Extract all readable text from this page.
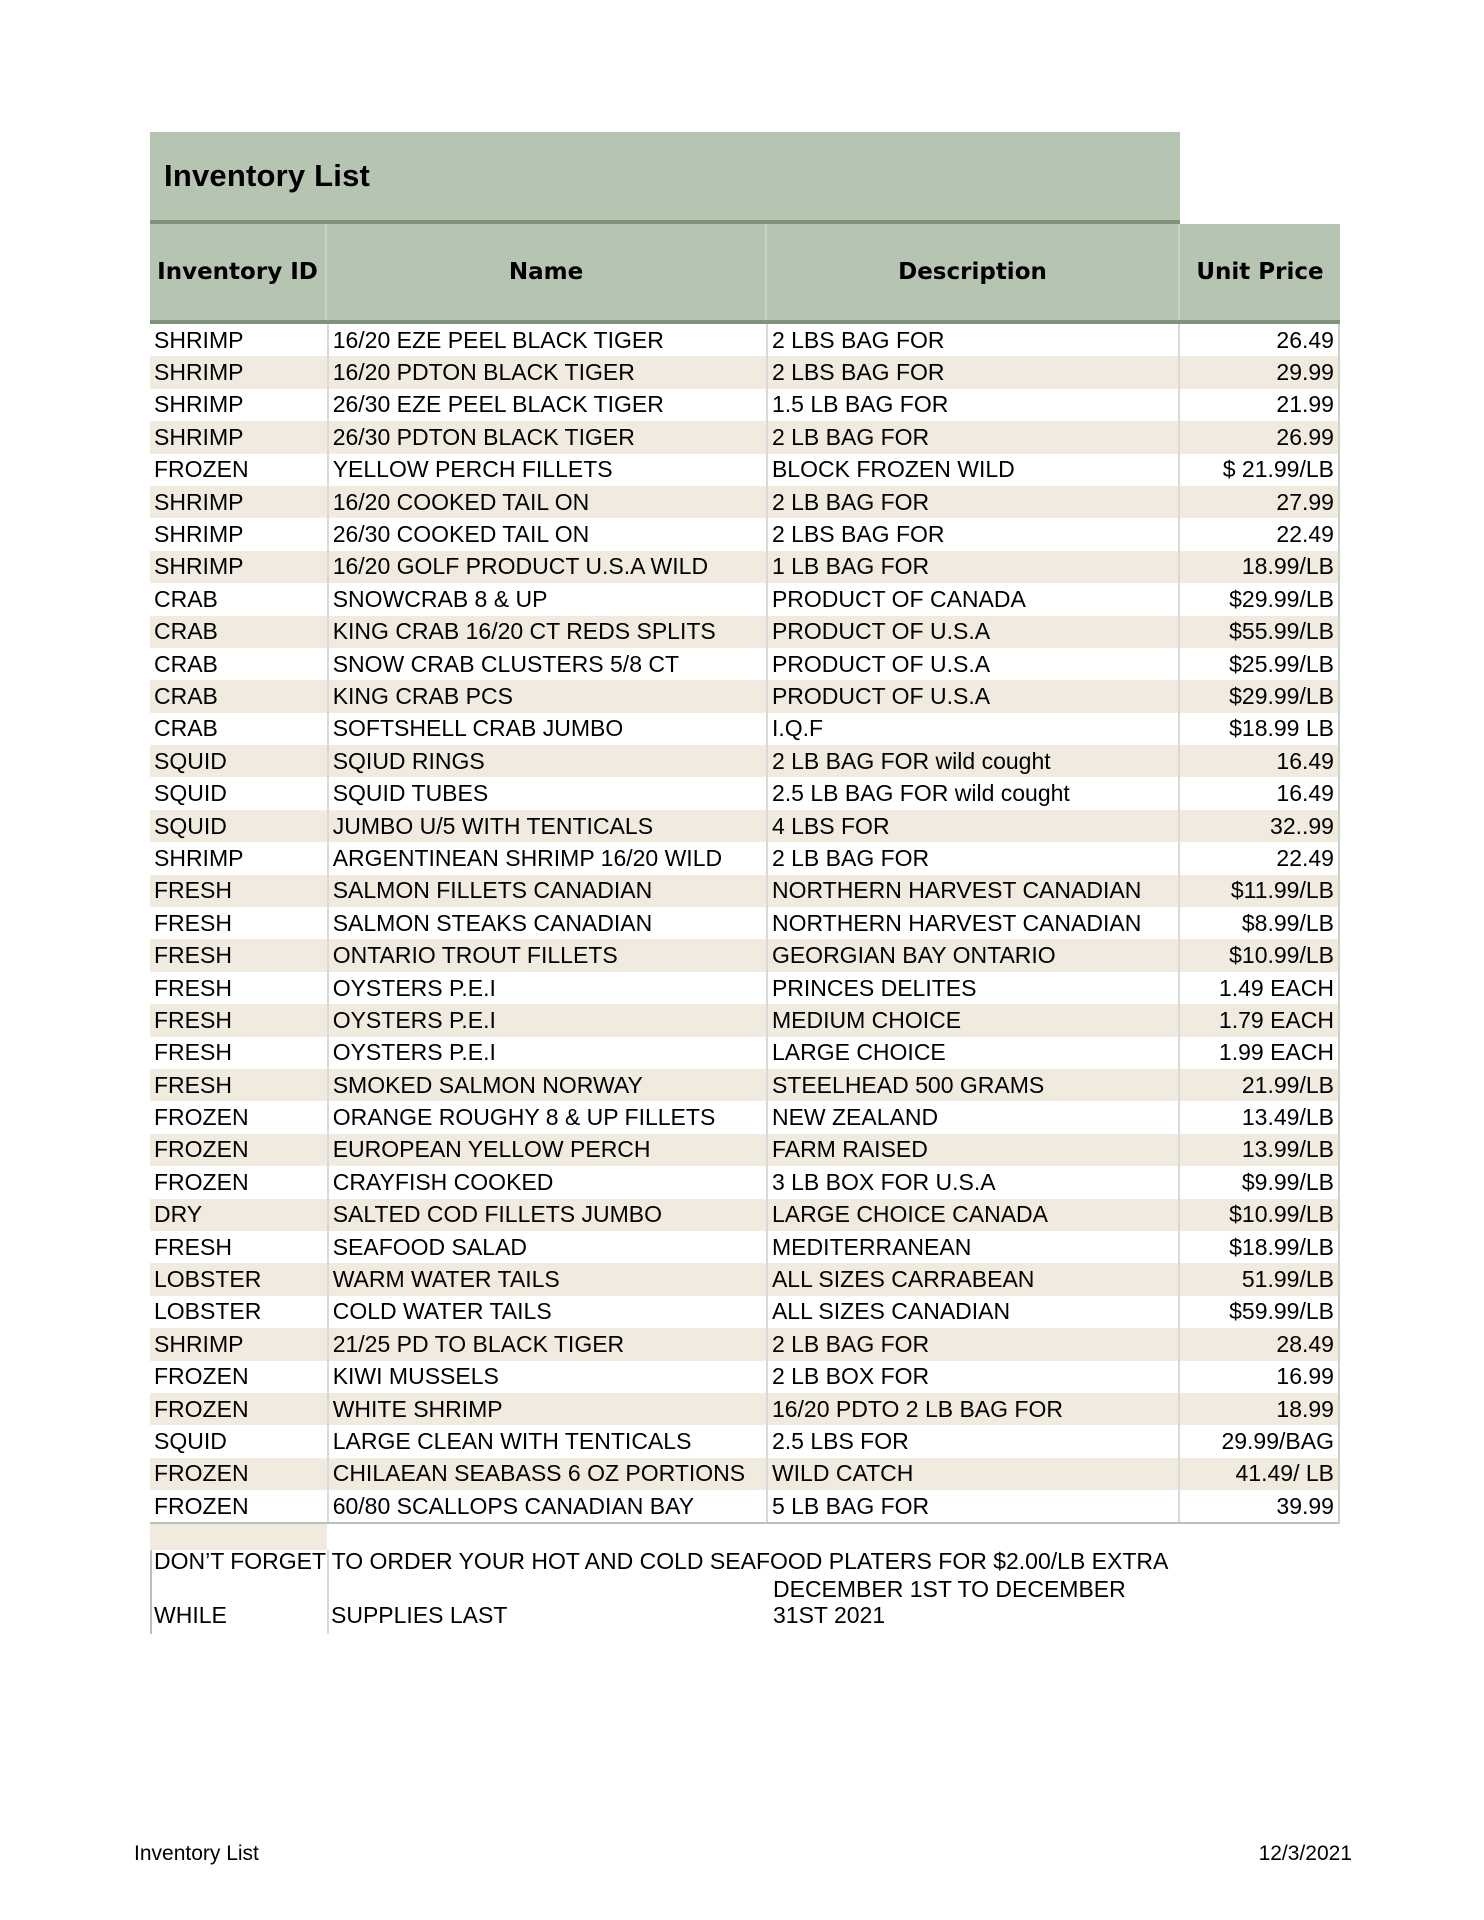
Inventory List
Inventory ID	Name	Description	Unit Price
SHRIMP	16/20 EZE PEEL BLACK TIGER	2 LBS BAG FOR	26.49
SHRIMP	16/20 PDTON BLACK TIGER	2 LBS BAG FOR	29.99
SHRIMP	26/30 EZE PEEL BLACK TIGER	1.5 LB BAG FOR	21.99
SHRIMP	26/30 PDTON BLACK TIGER	2 LB BAG FOR	26.99
FROZEN	YELLOW PERCH FILLETS	BLOCK FROZEN WILD	$ 21.99/LB
SHRIMP	16/20 COOKED TAIL ON	2 LB BAG FOR	27.99
SHRIMP	26/30 COOKED TAIL ON	2 LBS BAG FOR	22.49
SHRIMP	16/20 GOLF PRODUCT U.S.A WILD	1 LB BAG FOR	18.99/LB
CRAB	SNOWCRAB 8 & UP	PRODUCT OF CANADA	$29.99/LB
CRAB	KING CRAB 16/20 CT REDS SPLITS	PRODUCT OF U.S.A	$55.99/LB
CRAB	SNOW CRAB CLUSTERS 5/8 CT	PRODUCT OF U.S.A	$25.99/LB
CRAB	KING CRAB PCS	PRODUCT OF U.S.A	$29.99/LB
CRAB	SOFTSHELL CRAB JUMBO	I.Q.F	$18.99 LB
SQUID	SQIUD RINGS	2 LB BAG FOR wild cought	16.49
SQUID	SQUID TUBES	2.5 LB BAG FOR wild cought	16.49
SQUID	JUMBO U/5 WITH TENTICALS	4 LBS FOR	32..99
SHRIMP	ARGENTINEAN SHRIMP 16/20 WILD	2 LB BAG FOR	22.49
FRESH	SALMON FILLETS CANADIAN	NORTHERN HARVEST CANADIAN	$11.99/LB
FRESH	SALMON STEAKS CANADIAN	NORTHERN HARVEST CANADIAN	$8.99/LB
FRESH	ONTARIO TROUT FILLETS	GEORGIAN BAY ONTARIO	$10.99/LB
FRESH	OYSTERS P.E.I	PRINCES DELITES	1.49 EACH
FRESH	OYSTERS P.E.I	MEDIUM CHOICE	1.79 EACH
FRESH	OYSTERS P.E.I	LARGE CHOICE	1.99 EACH
FRESH	SMOKED SALMON NORWAY	STEELHEAD 500 GRAMS	21.99/LB
FROZEN	ORANGE ROUGHY 8 & UP FILLETS	NEW ZEALAND	13.49/LB
FROZEN	EUROPEAN YELLOW PERCH	FARM RAISED	13.99/LB
FROZEN	CRAYFISH COOKED	3 LB BOX FOR U.S.A	$9.99/LB
DRY	SALTED COD FILLETS JUMBO	LARGE CHOICE CANADA	$10.99/LB
FRESH	SEAFOOD SALAD	MEDITERRANEAN	$18.99/LB
LOBSTER	WARM WATER TAILS	ALL SIZES CARRABEAN	51.99/LB
LOBSTER	COLD WATER TAILS	ALL SIZES CANADIAN	$59.99/LB
SHRIMP	21/25 PD TO BLACK TIGER	2 LB BAG FOR	28.49
FROZEN	KIWI MUSSELS	2 LB BOX FOR	16.99
FROZEN	WHITE SHRIMP	16/20 PDTO 2 LB BAG FOR	18.99
SQUID	LARGE CLEAN WITH TENTICALS	2.5 LBS FOR	29.99/BAG
FROZEN	CHILAEAN SEABASS 6 OZ PORTIONS	WILD CATCH	41.49/ LB
FROZEN	60/80 SCALLOPS CANADIAN BAY	5 LB BAG FOR	39.99
DON’T FORGET TO ORDER YOUR HOT AND COLD SEAFOOD PLATERS FOR $2.00/LB EXTRA
DECEMBER 1ST TO DECEMBER
WHILE	SUPPLIES LAST	31ST 2021
Inventory List	12/3/2021
